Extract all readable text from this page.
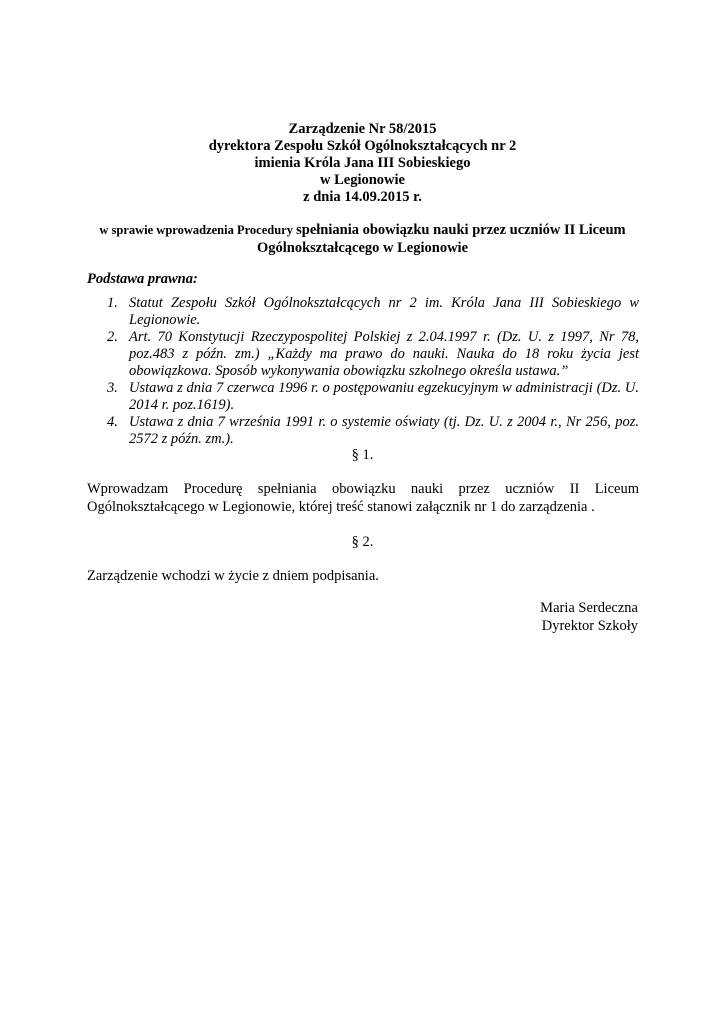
Zarządzenie Nr 58/2015
dyrektora Zespołu Szkół Ogólnokształcących nr 2
imienia Króla Jana III Sobieskiego
w Legionowie
z dnia 14.09.2015 r.
w sprawie wprowadzenia Procedury spełniania obowiązku nauki przez uczniów II Liceum
Ogólnokształcącego w Legionowie
Podstawa prawna:
1. Statut Zespołu Szkół Ogólnokształcących nr 2 im. Króla Jana III Sobieskiego w Legionowie.
2. Art. 70 Konstytucji Rzeczypospolitej Polskiej z 2.04.1997 r. (Dz. U. z 1997, Nr 78, poz.483 z późn. zm.) „Każdy ma prawo do nauki. Nauka do 18 roku życia jest obowiązkowa. Sposób wykonywania obowiązku szkolnego określa ustawa.”
3. Ustawa z dnia 7 czerwca 1996 r. o postępowaniu egzekucyjnym w administracji (Dz. U. 2014 r. poz.1619).
4. Ustawa z dnia 7 września 1991 r. o systemie oświaty (tj. Dz. U. z 2004 r., Nr 256, poz. 2572 z późn. zm.).
§ 1.
Wprowadzam Procedurę spełniania obowiązku nauki przez uczniów II Liceum
Ogólnokształcącego w Legionowie, której treść stanowi załącznik nr 1 do zarządzenia .
§ 2.
Zarządzenie wchodzi w życie z dniem podpisania.
Maria Serdeczna
Dyrektor Szkoły
